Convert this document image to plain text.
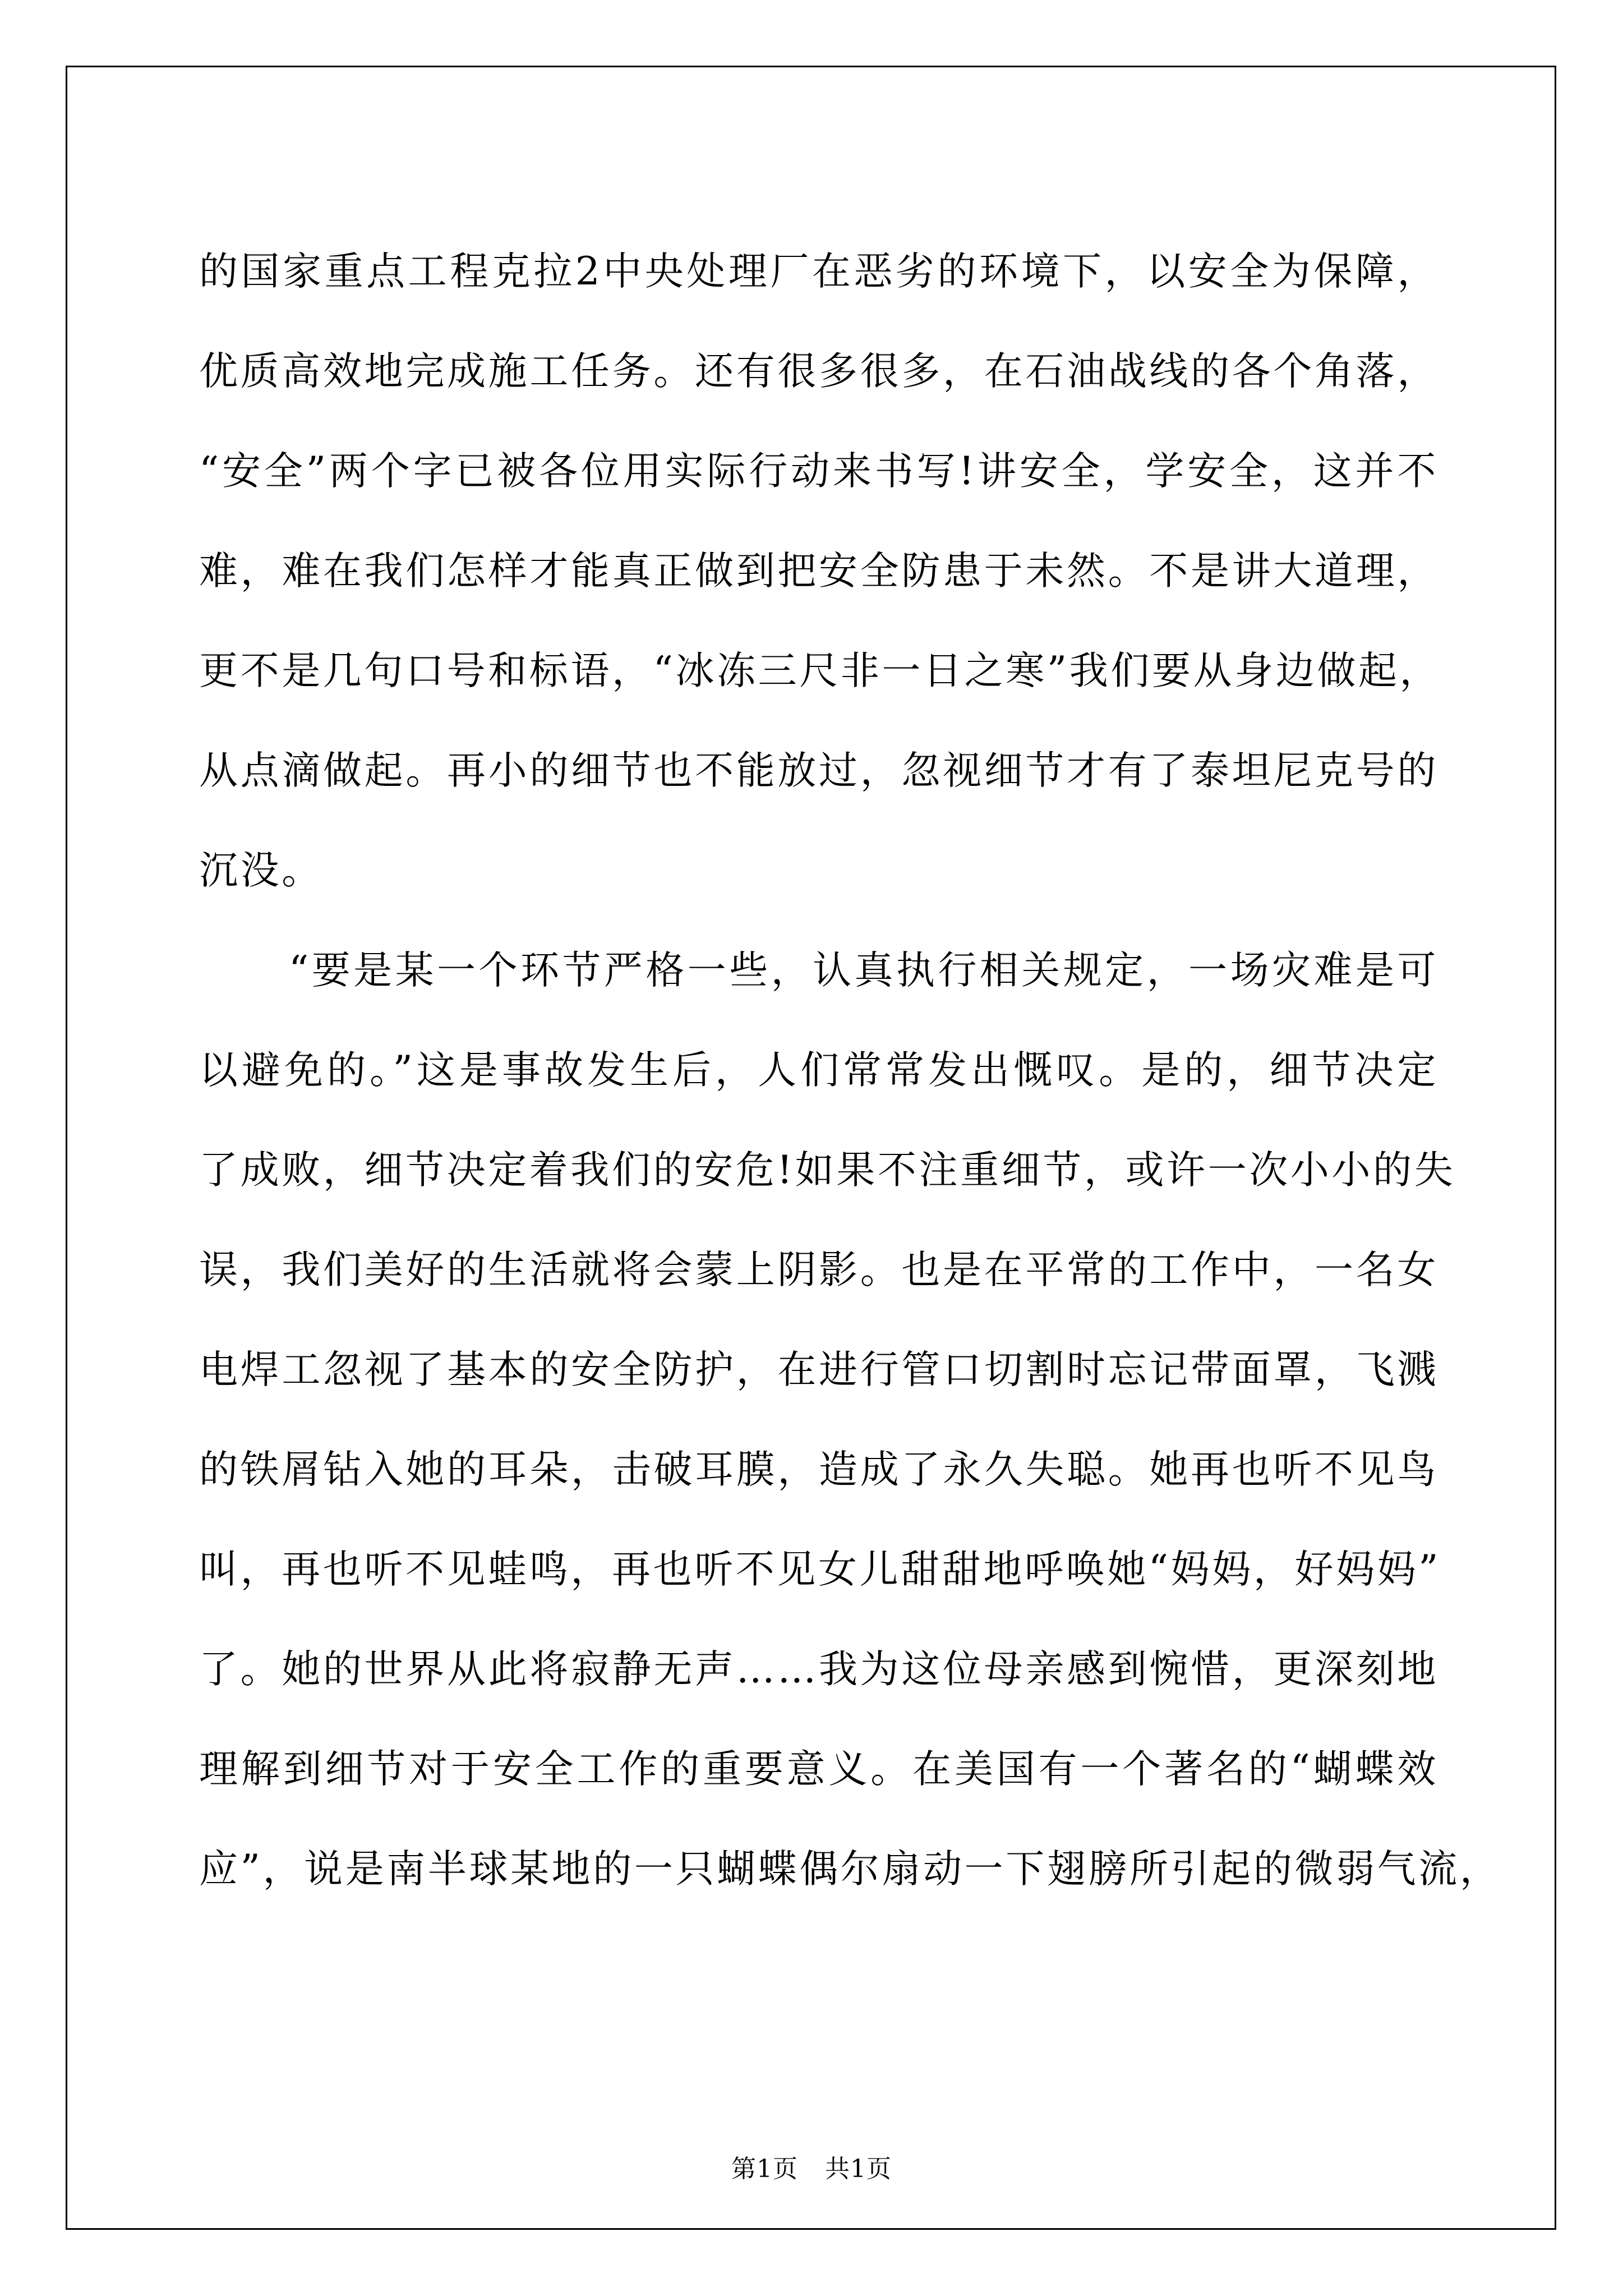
的国家重点工程克拉2中央处理厂在恶劣的环境下，以安全为保障，
优质高效地完成施工任务。还有很多很多，在石油战线的各个角落，
“安全”两个字已被各位用实际行动来书写!讲安全，学安全，这并不
难，难在我们怎样才能真正做到把安全防患于未然。不是讲大道理，
更不是几句口号和标语，“冰冻三尺非一日之寒”我们要从身边做起，
从点滴做起。再小的细节也不能放过，忽视细节才有了泰坦尼克号的
沉没。
“要是某一个环节严格一些，认真执行相关规定，一场灾难是可
以避免的。”这是事故发生后，人们常常发出慨叹。是的，细节决定
了成败，细节决定着我们的安危!如果不注重细节，或许一次小小的失
误，我们美好的生活就将会蒙上阴影。也是在平常的工作中，一名女
电焊工忽视了基本的安全防护，在进行管口切割时忘记带面罩，飞溅
的铁屑钻入她的耳朵，击破耳膜，造成了永久失聪。她再也听不见鸟
叫，再也听不见蛙鸣，再也听不见女儿甜甜地呼唤她“妈妈，好妈妈”
了。她的世界从此将寂静无声……我为这位母亲感到惋惜，更深刻地
理解到细节对于安全工作的重要意义。在美国有一个著名的“蝴蝶效
应”，说是南半球某地的一只蝴蝶偶尔扇动一下翅膀所引起的微弱气流，
第1页 共1页
